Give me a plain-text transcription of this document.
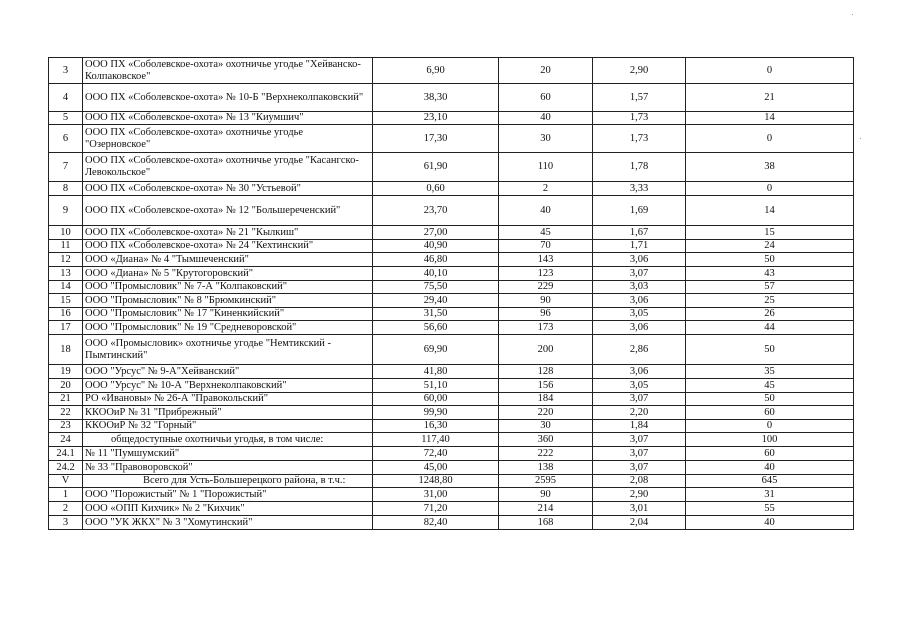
3	ООО ПХ «Соболевское-охота» охотничье угодье "Хейванско-Колпаковское"	6,90	20	2,90	0
4	ООО ПХ «Соболевское-охота» № 10-Б "Верхнеколпаковский"	38,30	60	1,57	21
5	ООО ПХ «Соболевское-охота» № 13 "Киумшич"	23,10	40	1,73	14
6	ООО ПХ «Соболевское-охота» охотничье угодье "Озерновское"	17,30	30	1,73	0
7	ООО ПХ «Соболевское-охота» охотничье угодье "Касангско-Левокольское"	61,90	110	1,78	38
8	ООО ПХ «Соболевское-охота» № 30 "Устьевой"	0,60	2	3,33	0
9	ООО ПХ «Соболевское-охота» № 12 "Большереченский"	23,70	40	1,69	14
10	ООО ПХ «Соболевское-охота» № 21 "Кылкиш"	27,00	45	1,67	15
11	ООО ПХ «Соболевское-охота» № 24 "Кехтинский"	40,90	70	1,71	24
12	ООО «Диана» № 4 "Тымшеченский"	46,80	143	3,06	50
13	ООО «Диана» № 5 "Крутогоровский"	40,10	123	3,07	43
14	ООО "Промысловик" № 7-А "Колпаковский"	75,50	229	3,03	57
15	ООО "Промысловик" № 8 "Брюмкинский"	29,40	90	3,06	25
16	ООО "Промысловик" № 17 "Киненкийский"	31,50	96	3,05	26
17	ООО "Промысловик" № 19 "Средневоровской"	56,60	173	3,06	44
18	ООО «Промысловик» охотничье угодье "Немтикский - Пымтинский"	69,90	200	2,86	50
19	ООО "Урсус" № 9-А"Хейванский"	41,80	128	3,06	35
20	ООО "Урсус" № 10-А "Верхнеколпаковский"	51,10	156	3,05	45
21	РО «Ивановы» № 26-А "Правокольский"	60,00	184	3,07	50
22	ККООиР № 31 "Прибрежный"	99,90	220	2,20	60
23	ККООиР № 32 "Горный"	16,30	30	1,84	0
24	общедоступные охотничьи угодья, в том числе:	117,40	360	3,07	100
24.1	№ 11 "Пумшумский"	72,40	222	3,07	60
24.2	№ 33 "Правоворовской"	45,00	138	3,07	40
V	Всего для Усть-Большерецкого района, в т.ч.:	1248,80	2595	2,08	645
1	ООО "Порожистый" № 1 "Порожистый"	31,00	90	2,90	31
2	ООО «ОПП Кихчик» № 2 "Кихчик"	71,20	214	3,01	55
3	ООО "УК ЖКХ" № 3 "Хомутинский"	82,40	168	2,04	40
